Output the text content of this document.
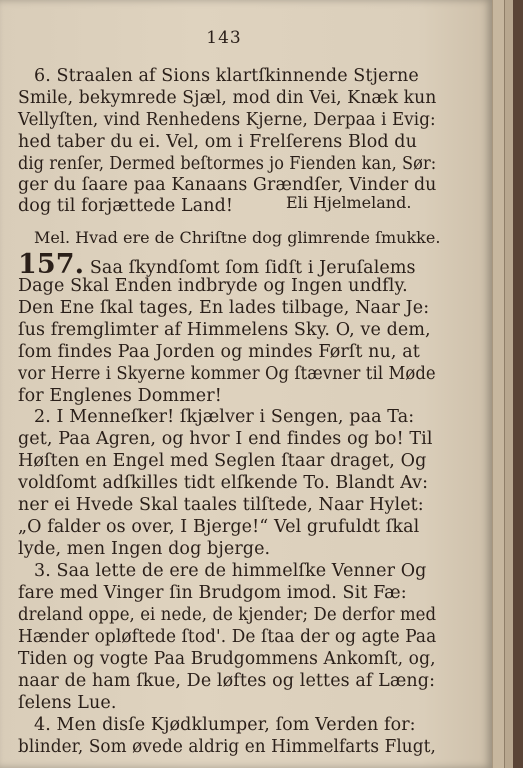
143
6. Straalen af Sions klartſkinnende Stjerne
Smile, bekymrede Sjæl, mod din Vei, Knæk kun
Vellyſten, vind Renhedens Kjerne, Derpaa i Evig:
hed taber du ei. Vel, om i Frelſerens Blod du
dig renſer, Dermed beſtormes jo Fienden kan, Sør:
ger du ſaare paa Kanaans Grændſer, Vinder du
dog til forjættede Land!	Eli Hjelmeland.
Mel. Hvad ere de Chriſtne dog glimrende ſmukke.
157. Saa ſkyndſomt ſom ſidſt i Jeruſalems
Dage Skal Enden indbryde og Ingen undfly.
Den Ene ſkal tages, En lades tilbage, Naar Je:
ſus fremglimter af Himmelens Sky. O, ve dem,
ſom findes Paa Jorden og mindes Førſt nu, at
vor Herre i Skyerne kommer Og ſtævner til Møde
for Englenes Dommer!
2. I Menneſker! ſkjælver i Sengen, paa Ta:
get, Paa Agren, og hvor I end findes og bo! Til
Høſten en Engel med Seglen ſtaar draget, Og
voldſomt adſkilles tidt elſkende To. Blandt Av:
ner ei Hvede Skal taales tilſtede, Naar Hylet:
„O falder os over, I Bjerge!“ Vel grufuldt ſkal
lyde, men Ingen dog bjerge.
3. Saa lette de ere de himmelſke Venner Og
fare med Vinger ſin Brudgom imod. Sit Fæ:
dreland oppe, ei nede, de kjender; De derfor med
Hænder opløftede ſtod'. De ſtaa der og agte Paa
Tiden og vogte Paa Brudgommens Ankomſt, og,
naar de ham ſkue, De løftes og lettes af Læng:
ſelens Lue.
4. Men disſe Kjødklumper, ſom Verden for:
blinder, Som øvede aldrig en Himmelfarts Flugt,
